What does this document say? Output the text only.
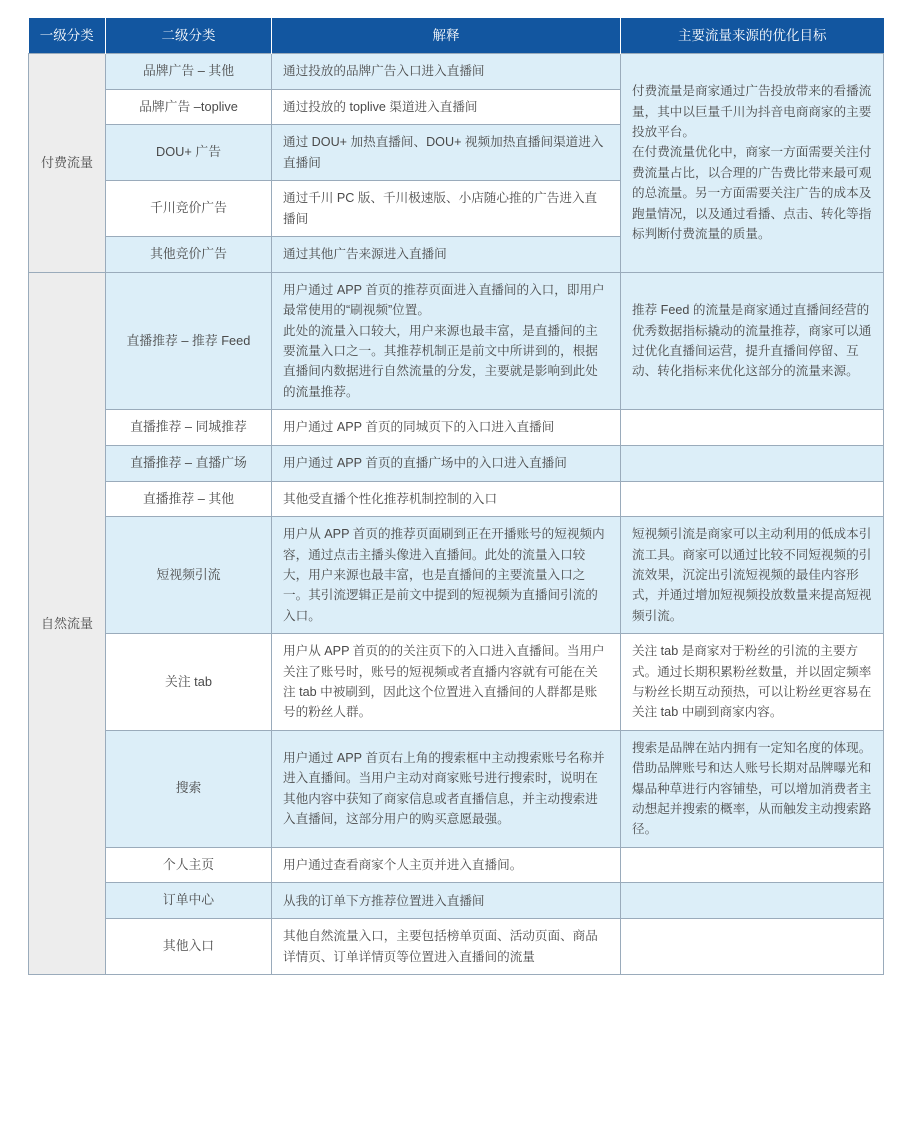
一级分类	二级分类	解释	主要流量来源的优化目标
付费流量	品牌广告 – 其他	通过投放的品牌广告入口进入直播间	付费流量是商家通过广告投放带来的看播流量，其中以巨量千川为抖音电商商家的主要投放平台。
在付费流量优化中，商家一方面需要关注付费流量占比，以合理的广告费比带来最可观的总流量。另一方面需要关注广告的成本及跑量情况，以及通过看播、点击、转化等指标判断付费流量的质量。

	品牌广告 –toplive	通过投放的 toplive 渠道进入直播间	

	DOU+ 广告	通过 DOU+ 加热直播间、DOU+ 视频加热直播间渠道进入直播间	

	千川竞价广告	通过千川 PC 版、千川极速版、小店随心推的广告进入直播间	

	其他竞价广告	通过其他广告来源进入直播间	

自然流量	直播推荐 – 推荐 Feed	用户通过 APP 首页的推荐页面进入直播间的入口，即用户最常使用的“刷视频”位置。
此处的流量入口较大，用户来源也最丰富，是直播间的主要流量入口之一。其推荐机制正是前文中所讲到的，根据直播间内数据进行自然流量的分发，主要就是影响到此处的流量推荐。	推荐 Feed 的流量是商家通过直播间经营的优秀数据指标撬动的流量推荐，商家可以通过优化直播间运营，提升直播间停留、互动、转化指标来优化这部分的流量来源。

	直播推荐 – 同城推荐	用户通过 APP 首页的同城页下的入口进入直播间	

	直播推荐 – 直播广场	用户通过 APP 首页的直播广场中的入口进入直播间	

	直播推荐 – 其他	其他受直播个性化推荐机制控制的入口	

	短视频引流	用户从 APP 首页的推荐页面刷到正在开播账号的短视频内容，通过点击主播头像进入直播间。此处的流量入口较大，用户来源也最丰富，也是直播间的主要流量入口之一。其引流逻辑正是前文中提到的短视频为直播间引流的入口。	短视频引流是商家可以主动利用的低成本引流工具。商家可以通过比较不同短视频的引流效果，沉淀出引流短视频的最佳内容形式，并通过增加短视频投放数量来提高短视频引流。

	关注 tab	用户从 APP 首页的的关注页下的入口进入直播间。当用户关注了账号时，账号的短视频或者直播内容就有可能在关注 tab 中被刷到，因此这个位置进入直播间的人群都是账号的粉丝人群。	关注 tab 是商家对于粉丝的引流的主要方式。通过长期积累粉丝数量，并以固定频率与粉丝长期互动预热，可以让粉丝更容易在关注 tab 中刷到商家内容。

	搜索	用户通过 APP 首页右上角的搜索框中主动搜索账号名称并进入直播间。当用户主动对商家账号进行搜索时，说明在其他内容中获知了商家信息或者直播信息，并主动搜索进入直播间，这部分用户的购买意愿最强。	搜索是品牌在站内拥有一定知名度的体现。借助品牌账号和达人账号长期对品牌曝光和爆品种草进行内容铺垫，可以增加消费者主动想起并搜索的概率，从而触发主动搜索路径。

	个人主页	用户通过查看商家个人主页并进入直播间。	

	订单中心	从我的订单下方推荐位置进入直播间	

	其他入口	其他自然流量入口，主要包括榜单页面、活动页面、商品详情页、订单详情页等位置进入直播间的流量	
